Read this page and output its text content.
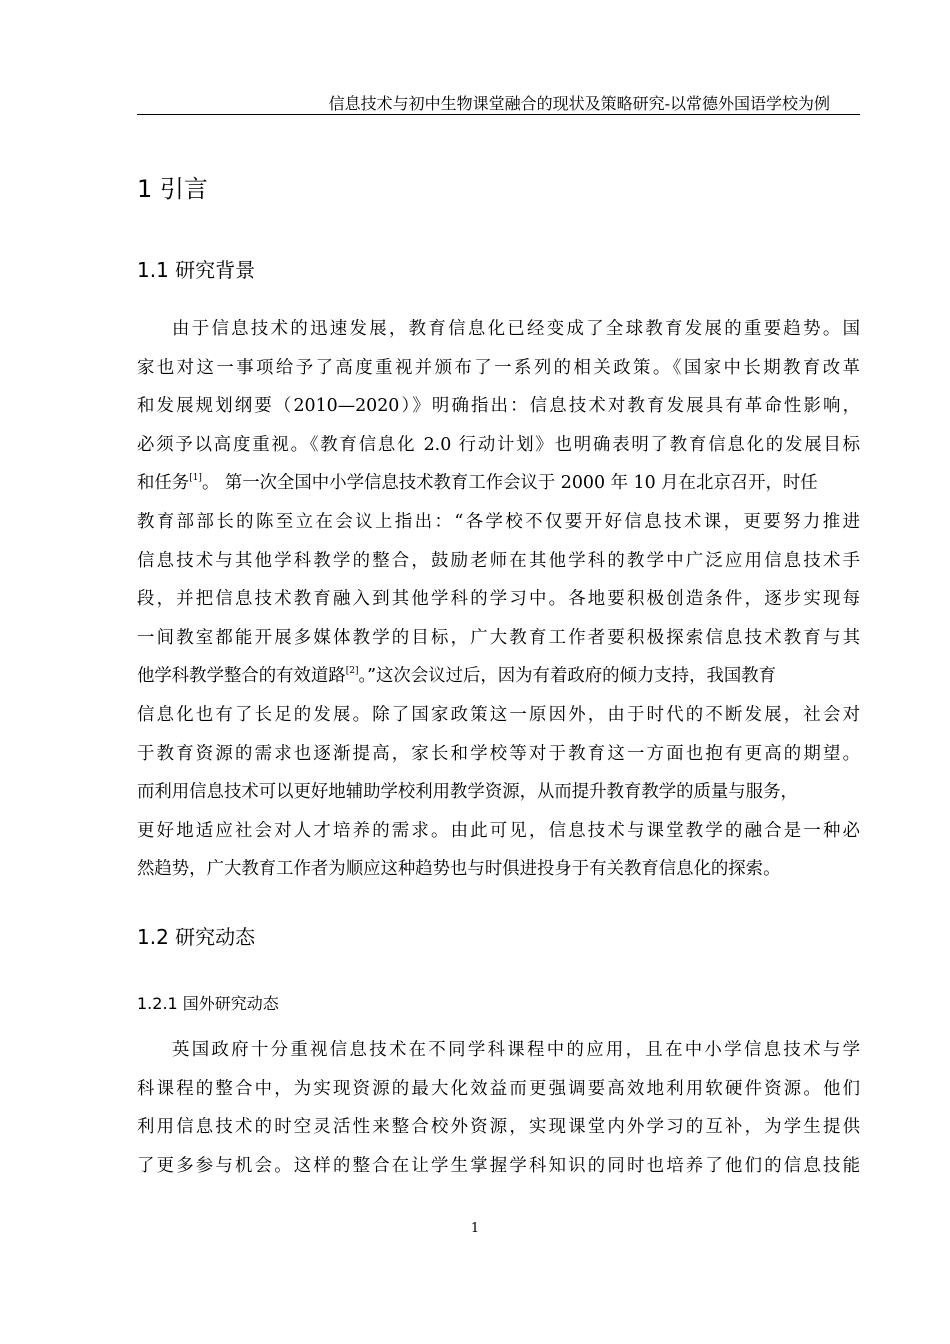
信息技术与初中生物课堂融合的现状及策略研究-以常德外国语学校为例
1 引言
1.1 研究背景
由于信息技术的迅速发展，教育信息化已经变成了全球教育发展的重要趋势。国
家也对这一事项给予了高度重视并颁布了一系列的相关政策。《国家中长期教育改革
和发展规划纲要（2010—2020）》明确指出：信息技术对教育发展具有革命性影响，
必须予以高度重视。《教育信息化 2.0 行动计划》也明确表明了教育信息化的发展目标
和任务[1]。 第一次全国中小学信息技术教育工作会议于 2000 年 10 月在北京召开，时任
教育部部长的陈至立在会议上指出：“各学校不仅要开好信息技术课，更要努力推进
信息技术与其他学科教学的整合，鼓励老师在其他学科的教学中广泛应用信息技术手
段，并把信息技术教育融入到其他学科的学习中。各地要积极创造条件，逐步实现每
一间教室都能开展多媒体教学的目标，广大教育工作者要积极探索信息技术教育与其
他学科教学整合的有效道路[2]。”这次会议过后，因为有着政府的倾力支持，我国教育
信息化也有了长足的发展。除了国家政策这一原因外，由于时代的不断发展，社会对
于教育资源的需求也逐渐提高，家长和学校等对于教育这一方面也抱有更高的期望。
而利用信息技术可以更好地辅助学校利用教学资源，从而提升教育教学的质量与服务，
更好地适应社会对人才培养的需求。由此可见，信息技术与课堂教学的融合是一种必
然趋势，广大教育工作者为顺应这种趋势也与时俱进投身于有关教育信息化的探索。
1.2 研究动态
1.2.1 国外研究动态
英国政府十分重视信息技术在不同学科课程中的应用，且在中小学信息技术与学
科课程的整合中，为实现资源的最大化效益而更强调要高效地利用软硬件资源。他们
利用信息技术的时空灵活性来整合校外资源，实现课堂内外学习的互补，为学生提供
了更多参与机会。这样的整合在让学生掌握学科知识的同时也培养了他们的信息技能
1
